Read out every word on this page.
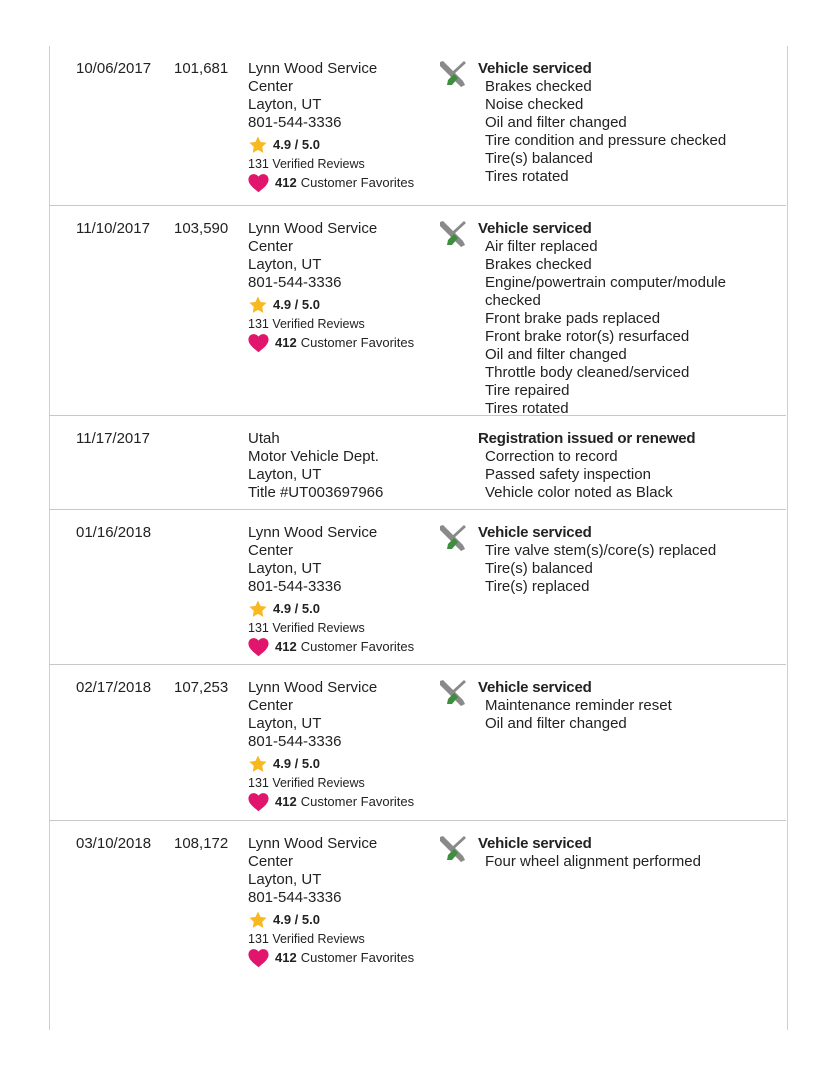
10/06/2017 101,681 Lynn Wood Service
Center
Layton, UT
801-544-3336
4.9 / 5.0
131 Verified Reviews
412 Customer Favorites
Vehicle serviced
Brakes checked
Noise checked
Oil and filter changed
Tire condition and pressure checked
Tire(s) balanced
Tires rotated
11/10/2017 103,590 Lynn Wood Service
Center
Layton, UT
801-544-3336
4.9 / 5.0
131 Verified Reviews
412 Customer Favorites
Vehicle serviced
Air filter replaced
Brakes checked
Engine/powertrain computer/module
checked
Front brake pads replaced
Front brake rotor(s) resurfaced
Oil and filter changed
Throttle body cleaned/serviced
Tire repaired
Tires rotated
11/17/2017	Utah
Motor Vehicle Dept.
Layton, UT
Title #UT003697966
Registration issued or renewed
Correction to record
Passed safety inspection
Vehicle color noted as Black
01/16/2018	Lynn Wood Service
Center
Layton, UT
801-544-3336
4.9 / 5.0
131 Verified Reviews
412 Customer Favorites
Vehicle serviced
Tire valve stem(s)/core(s) replaced
Tire(s) balanced
Tire(s) replaced
02/17/2018 107,253 Lynn Wood Service
Center
Layton, UT
801-544-3336
4.9 / 5.0
131 Verified Reviews
412 Customer Favorites
Vehicle serviced
Maintenance reminder reset
Oil and filter changed
03/10/2018 108,172 Lynn Wood Service
Center
Layton, UT
801-544-3336
4.9 / 5.0
131 Verified Reviews
412 Customer Favorites
Vehicle serviced
Four wheel alignment performed
